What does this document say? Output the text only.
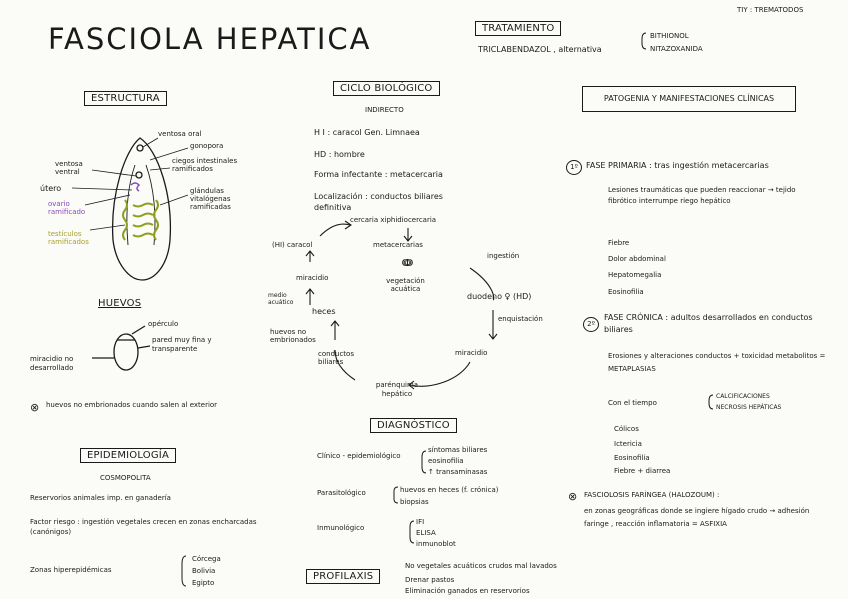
FASCIOLA HEPATICA
TIY : TREMATODOS
TRATAMIENTO
TRICLABENDAZOL , alternativa
BITHIONOL
NITAZOXANIDA
ESTRUCTURA
ventosa oral
gonopora
ventosa ventral
ciegos intestinales ramificados
útero	glándulas vitalógenas ramificadas
ovario ramificado
testículos ramificados
HUEVOS
opérculo
pared muy fina y transparente
miracidio no desarrollado
⊗ huevos no embrionados cuando salen al exterior
EPIDEMIOLOGÍA
COSMOPOLITA
Reservorios animales imp. en ganadería
Factor riesgo : ingestión vegetales crecen en zonas encharcadas (canónigos)
Zonas hiperepidémicas
Córcega
Bolivia
Egipto
CICLO BIOLÓGICO
INDIRECTO
H I : caracol Gen. Limnaea
HD : hombre
Forma infectante : metacercaria
Localización : conductos biliares definitiva
cercaria xiphidiocercaria
(HI) caracol	metacercarias
ↈ
vegetación acuática
ingestión
duodeno ♀ (HD)
enquistación
miracidio
parénquima hepático
conductos biliares
huevos no embrionados
heces
miracidio
medio acuático
DIAGNÓSTICO
Clínico - epidemiológico
síntomas biliares
eosinofilia
↑ transaminasas
Parasitológico	huevos en heces (f. crónica)
biopsias
Inmunológico
IFI
ELISA
inmunoblot
PROFILAXIS
No vegetales acuáticos crudos mal lavados
Drenar pastos
Eliminación ganados en reservorios
PATOGENIA Y MANIFESTACIONES CLÍNICAS
1º	FASE PRIMARIA : tras ingestión metacercarias
Lesiones traumáticas que pueden reaccionar → tejido fibrótico interrumpe riego hepático
Fiebre
Dolor abdominal
Hepatomegalia
Eosinofilia
2º
FASE CRÓNICA : adultos desarrollados en conductos biliares
Erosiones y alteraciones conductos + toxicidad metabolitos = METAPLASIAS
Con el tiempo
CALCIFICACIONES
NECROSIS HEPÁTICAS
Cólicos
Ictericia
Eosinofilia
Fiebre + diarrea
⊗ FASCIOLOSIS FARÍNGEA (HALOZOUM) :
en zonas geográficas donde se ingiere hígado crudo → adhesión faringe , reacción inflamatoria = ASFIXIA
